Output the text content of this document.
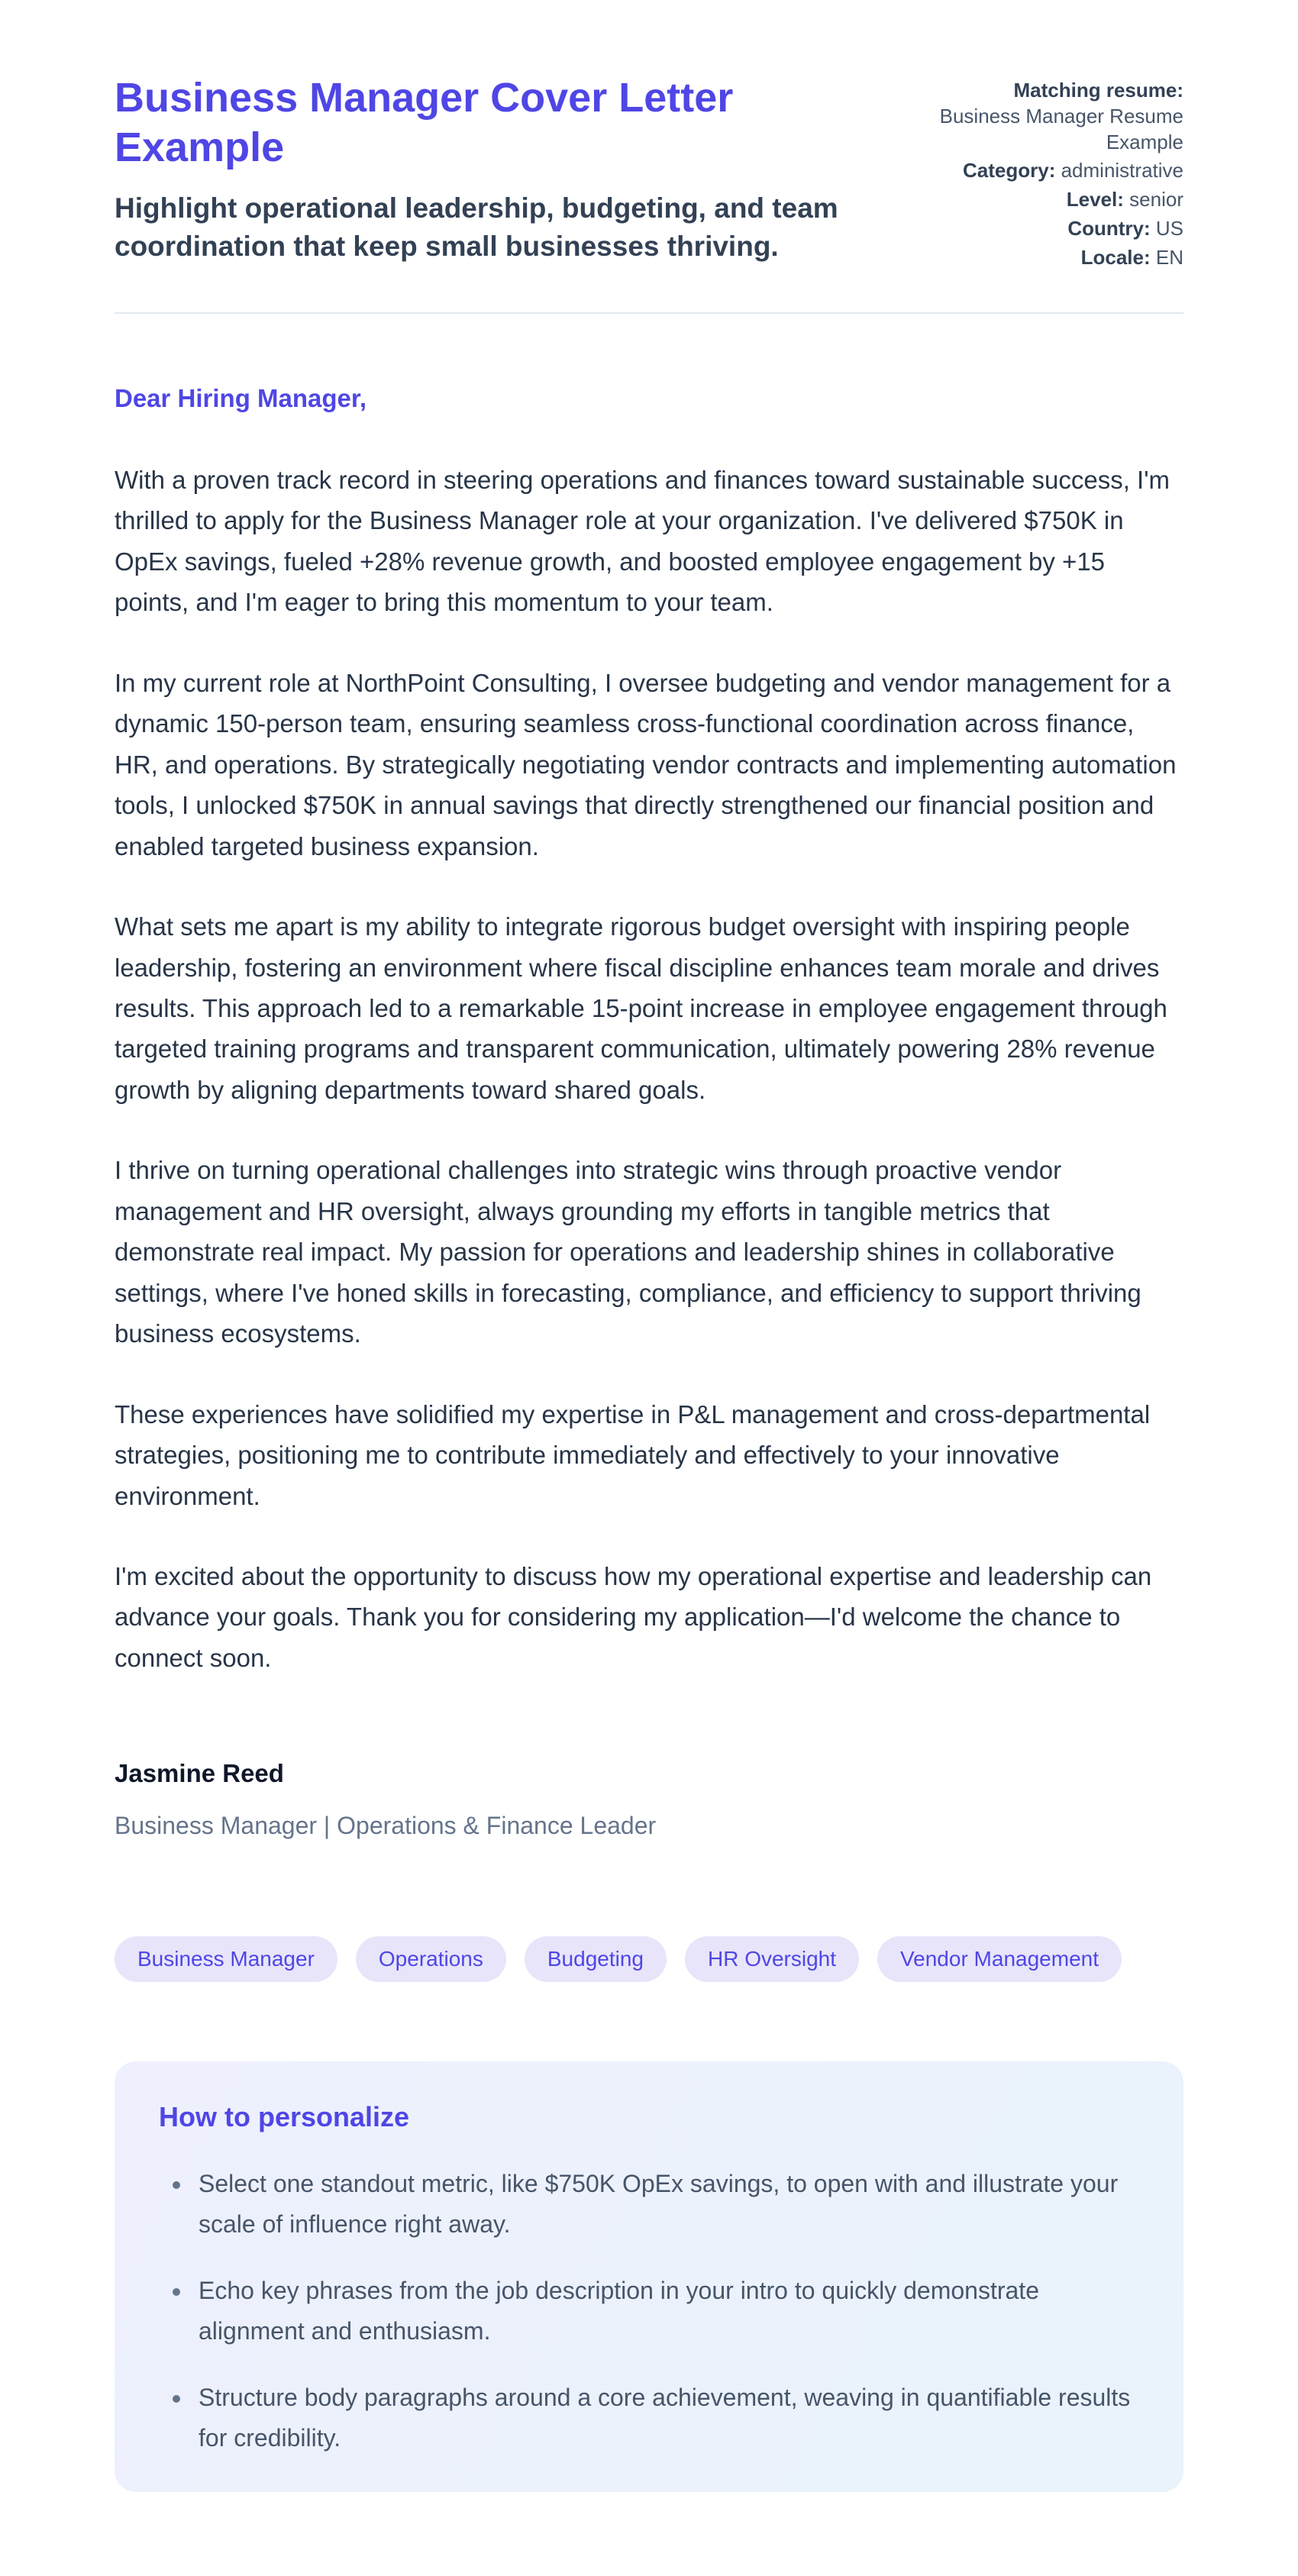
Business Manager Cover Letter Example

Highlight operational leadership, budgeting, and team coordination that keep small businesses thriving.

Matching resume:
Business Manager Resume Example
Category: administrative
Level: senior
Country: US
Locale: EN

Dear Hiring Manager,

With a proven track record in steering operations and finances toward sustainable success, I'm thrilled to apply for the Business Manager role at your organization. I've delivered $750K in OpEx savings, fueled +28% revenue growth, and boosted employee engagement by +15 points, and I'm eager to bring this momentum to your team.

In my current role at NorthPoint Consulting, I oversee budgeting and vendor management for a dynamic 150-person team, ensuring seamless cross-functional coordination across finance, HR, and operations. By strategically negotiating vendor contracts and implementing automation tools, I unlocked $750K in annual savings that directly strengthened our financial position and enabled targeted business expansion.

What sets me apart is my ability to integrate rigorous budget oversight with inspiring people leadership, fostering an environment where fiscal discipline enhances team morale and drives results. This approach led to a remarkable 15-point increase in employee engagement through targeted training programs and transparent communication, ultimately powering 28% revenue growth by aligning departments toward shared goals.

I thrive on turning operational challenges into strategic wins through proactive vendor management and HR oversight, always grounding my efforts in tangible metrics that demonstrate real impact. My passion for operations and leadership shines in collaborative settings, where I've honed skills in forecasting, compliance, and efficiency to support thriving business ecosystems.

These experiences have solidified my expertise in P&L management and cross-departmental strategies, positioning me to contribute immediately and effectively to your innovative environment.

I'm excited about the opportunity to discuss how my operational expertise and leadership can advance your goals. Thank you for considering my application—I'd welcome the chance to connect soon.

Jasmine Reed

Business Manager | Operations & Finance Leader

Business Manager	Operations	Budgeting	HR Oversight	Vendor Management
How to personalize
• Select one standout metric, like $750K OpEx savings, to open with and illustrate your scale of influence right away.
• Echo key phrases from the job description in your intro to quickly demonstrate alignment and enthusiasm.
• Structure body paragraphs around a core achievement, weaving in quantifiable results for credibility.
